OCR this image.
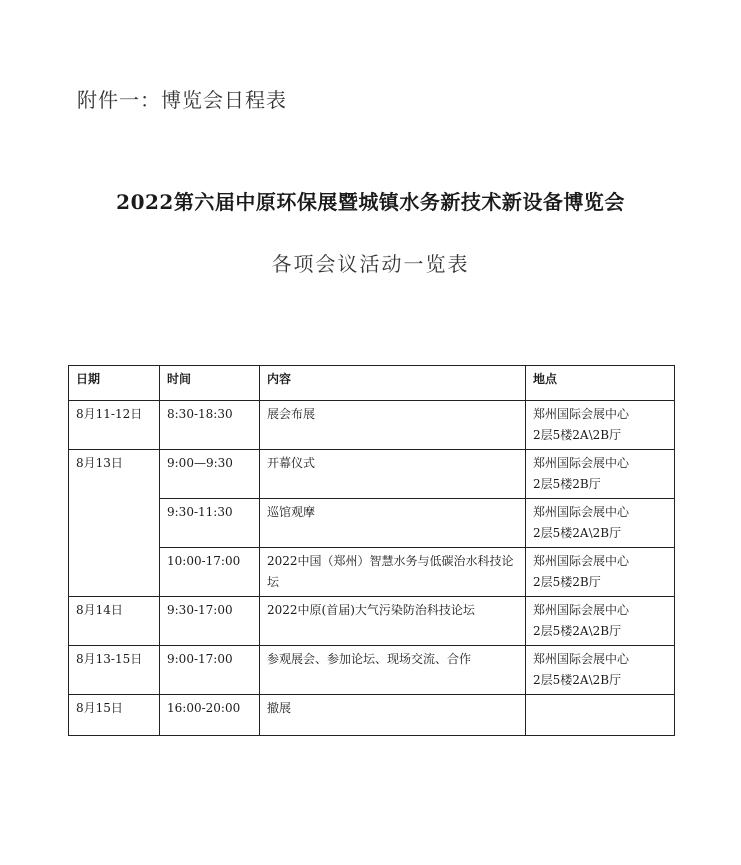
附件一：博览会日程表
2022第六届中原环保展暨城镇水务新技术新设备博览会
各项会议活动一览表
日期	时间	内容	地点
8月11-12日	8:30-18:30	展会布展	郑州国际会展中心
2层5楼2A\2B厅

8月13日	9:00—9:30	开幕仪式	郑州国际会展中心
2层5楼2B厅

	9:30-11:30	巡馆观摩	郑州国际会展中心
2层5楼2A\2B厅

	10:00-17:00	2022中国（郑州）智慧水务与低碳治水科技论坛	郑州国际会展中心
2层5楼2B厅

8月14日	9:30-17:00	2022中原(首届)大气污染防治科技论坛	郑州国际会展中心
2层5楼2A\2B厅

8月13-15日	9:00-17:00	参观展会、参加论坛、现场交流、合作	郑州国际会展中心
2层5楼2A\2B厅

8月15日	16:00-20:00	撤展	
